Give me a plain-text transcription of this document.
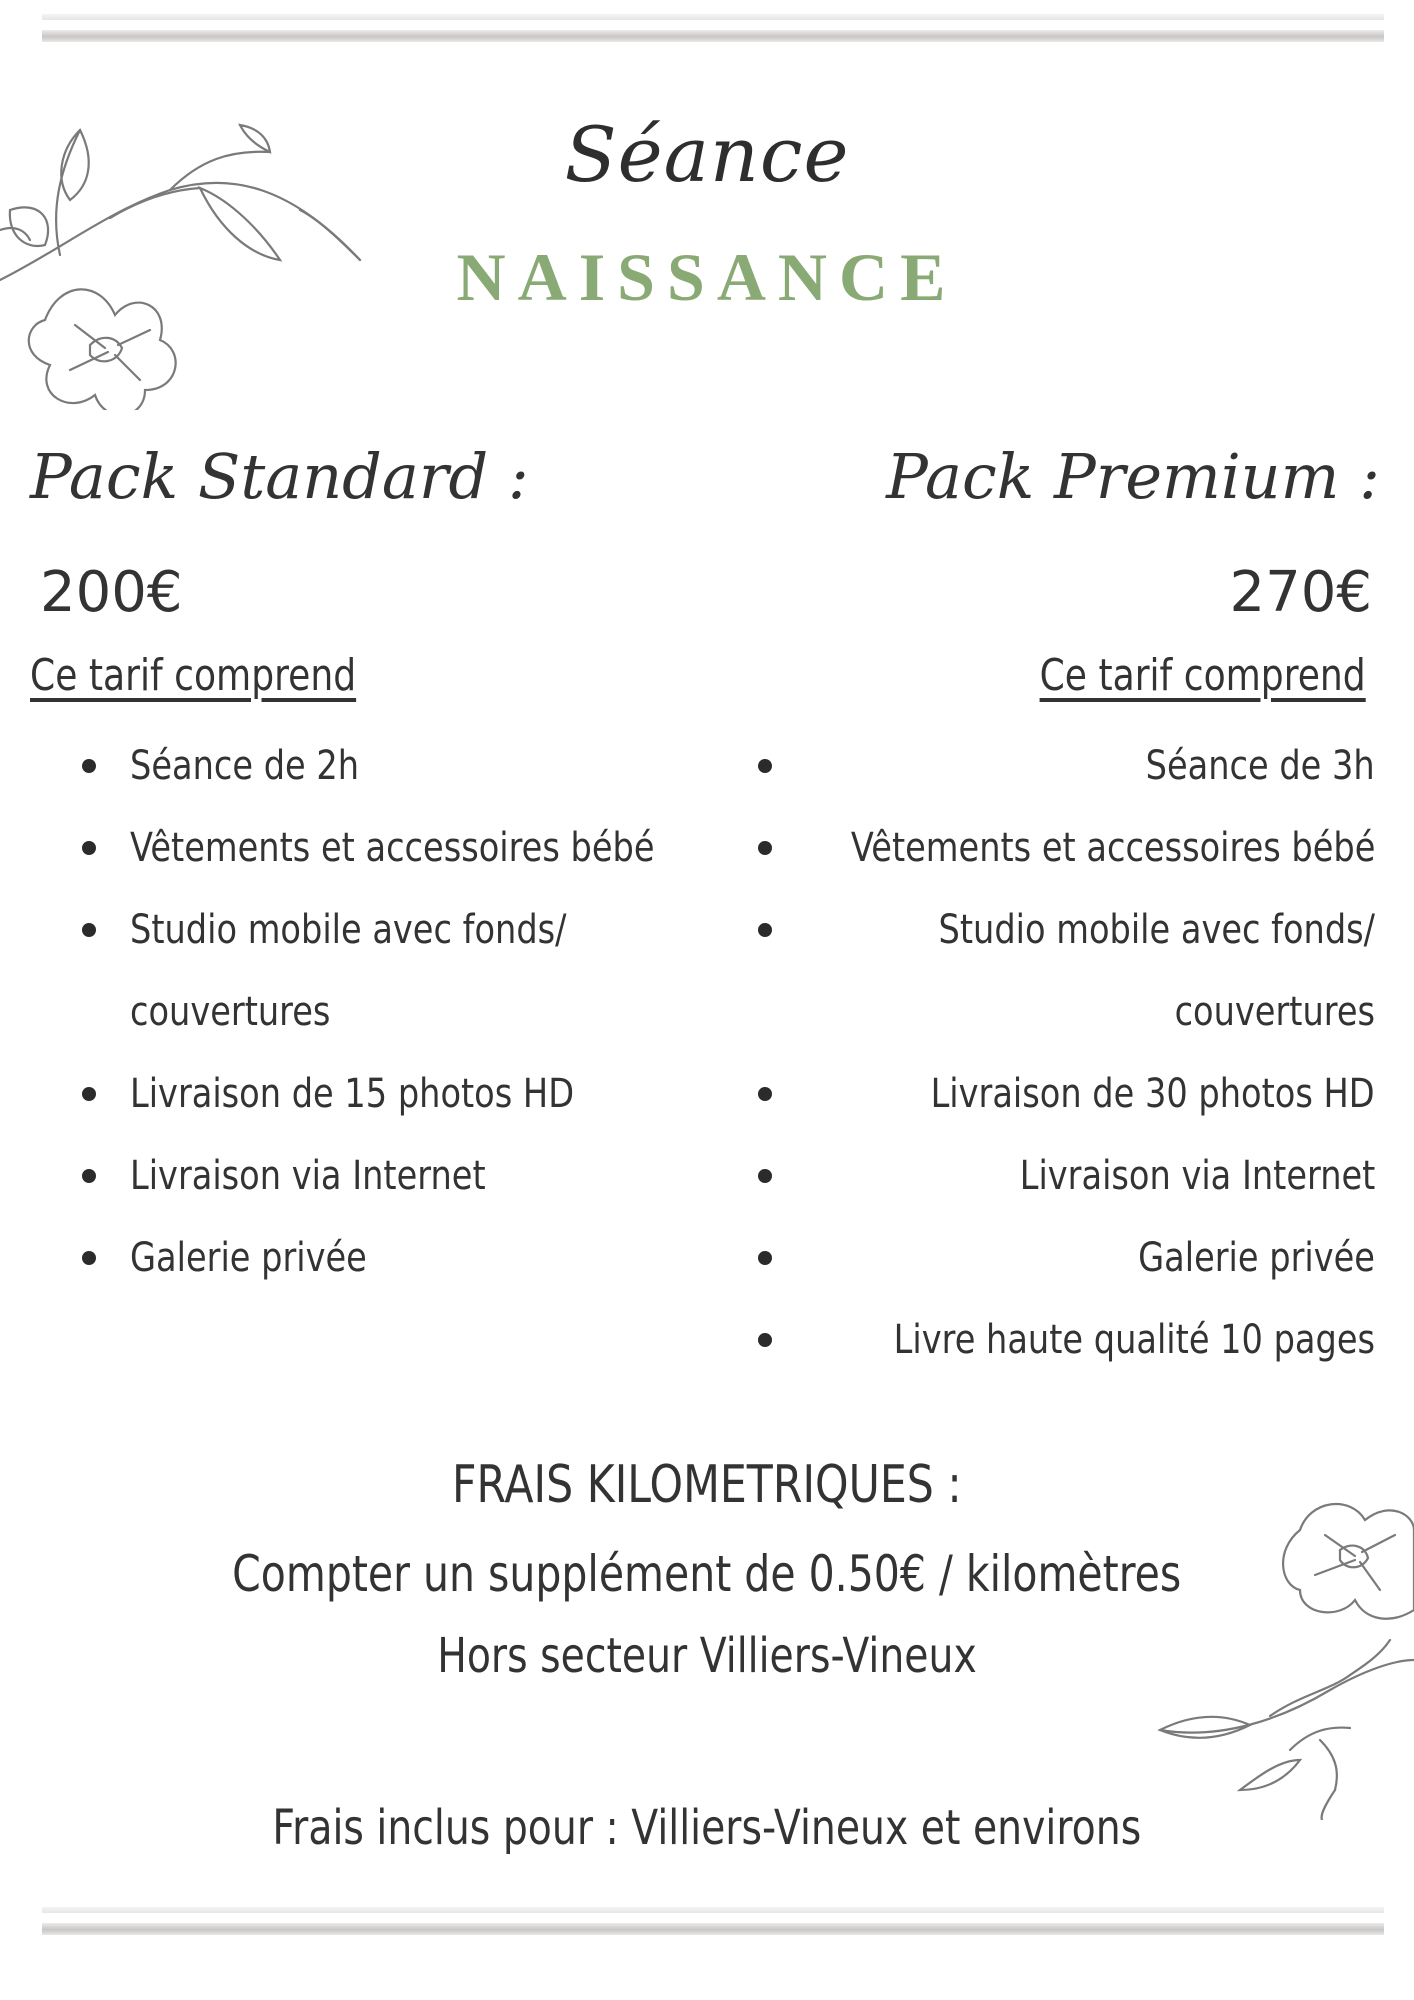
Séance
NAISSANCE
Pack Standard :	Pack Premium :
200€	270€
Ce tarif comprend	Ce tarif comprend
Séance de 2h
Vêtements et accessoires bébé
Studio mobile avec fonds/ couvertures
Livraison de 15 photos HD
Livraison via Internet
Galerie privée
Séance de 3h
Vêtements et accessoires bébé
Studio mobile avec fonds/ couvertures
Livraison de 30 photos HD
Livraison via Internet
Galerie privée
Livre haute qualité 10 pages
FRAIS KILOMETRIQUES :
Compter un supplément de 0.50€ / kilomètres
Hors secteur Villiers-Vineux
Frais inclus pour : Villiers-Vineux et environs
